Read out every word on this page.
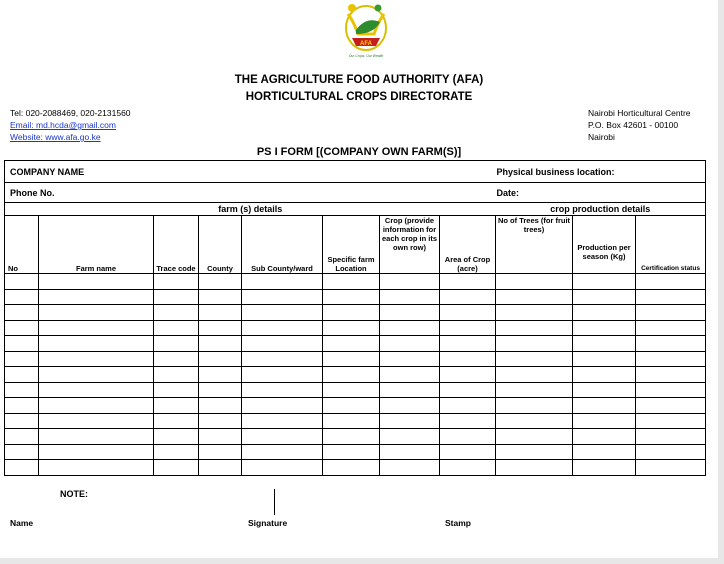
AFA
Our Crops, Our Wealth
THE AGRICULTURE FOOD AUTHORITY (AFA)
HORTICULTURAL CROPS DIRECTORATE
Tel: 020-2088469, 020-2131560
Email: md.hcda@gmail.com
Website: www.afa.go.ke
Nairobi Horticultural Centre
P.O. Box 42601 - 00100
Nairobi
PS I FORM [(COMPANY OWN FARM(S)]
COMPANY NAME								Physical business location:		
Phone No.								Date:		
farm (s) details								crop production details		
No	Farm name	Trace code	County	Sub County/ward	Specific farm Location	Crop (provide information for each crop in its own row)	Area of Crop (acre)	No of Trees (for fruit trees)	Production per season (Kg)	Certification status

NOTE:
Name	Signature	Stamp
